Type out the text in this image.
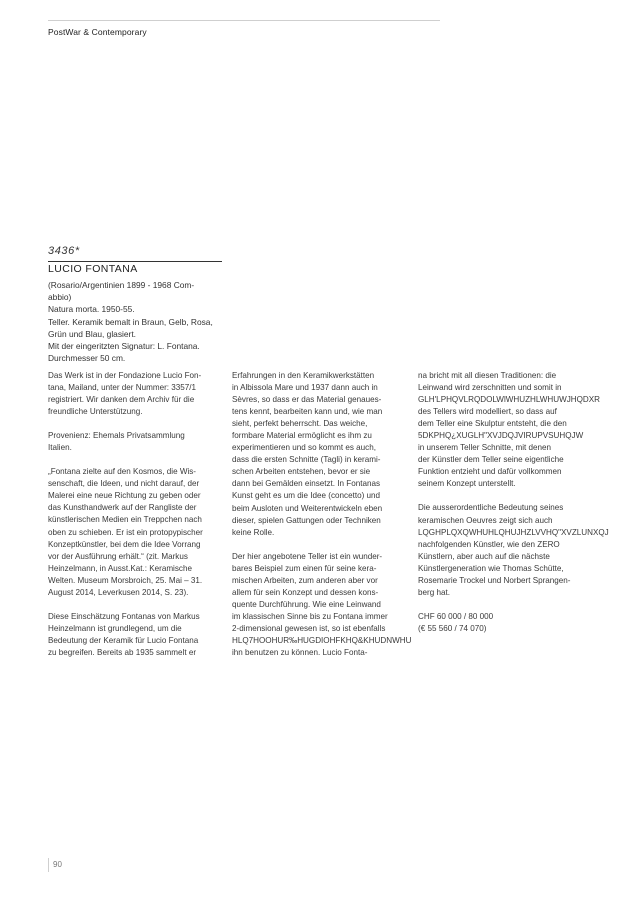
PostWar & Contemporary
3436*
LUCIO FONTANA
(Rosario/Argentinien 1899 - 1968 Com-
abbio)
Natura morta. 1950-55.
Teller. Keramik bemalt in Braun, Gelb, Rosa,
Grün und Blau, glasiert.
Mit der eingeritzten Signatur: L. Fontana.
Durchmesser 50 cm.

Das Werk ist in der Fondazione Lucio Fon-
tana, Mailand, unter der Nummer: 3357/1
registriert. Wir danken dem Archiv für die
freundliche Unterstützung.

Provenienz: Ehemals Privatsammlung
Italien.

„Fontana zielte auf den Kosmos, die Wis-
senschaft, die Ideen, und nicht darauf, der
Malerei eine neue Richtung zu geben oder
das Kunsthandwerk auf der Rangliste der
künstlerischen Medien ein Treppchen nach
oben zu schieben. Er ist ein protopypischer
Konzeptkünstler, bei dem die Idee Vorrang
vor der Ausführung erhält.“ (zit. Markus
Heinzelmann, in Ausst.Kat.: Keramische
Welten. Museum Morsbroich, 25. Mai – 31.
August 2014, Leverkusen 2014, S. 23).

Diese Einschätzung Fontanas von Markus
Heinzelmann ist grundlegend, um die
Bedeutung der Keramik für Lucio Fontana
zu begreifen. Bereits ab 1935 sammelt er

Erfahrungen in den Keramikwerkstätten
in Albissola Mare und 1937 dann auch in
Sèvres, so dass er das Material genaues-
tens kennt, bearbeiten kann und, wie man
sieht, perfekt beherrscht. Das weiche,
formbare Material ermöglicht es ihm zu
experimentieren und so kommt es auch,
dass die ersten Schnitte (Tagli) in kerami-
schen Arbeiten entstehen, bevor er sie
dann bei Gemälden einsetzt. In Fontanas
Kunst geht es um die Idee (concetto) und
beim Ausloten und Weiterentwickeln eben
dieser, spielen Gattungen oder Techniken
keine Rolle.

Der hier angebotene Teller ist ein wunder-
bares Beispiel zum einen für seine kera-
mischen Arbeiten, zum anderen aber vor
allem für sein Konzept und dessen kons-
quente Durchführung. Wie eine Leinwand
im klassischen Sinne bis zu Fontana immer
2-dimensional gewesen ist, so ist ebenfalls
HLQ7HOOHUR‰HUGDIOHFKHQ&KHUDNWHU
ihn benutzen zu können. Lucio Fonta-

na bricht mit all diesen Traditionen: die
Leinwand wird zerschnitten und somit in
GLH'LPHQVLRQDOLWlWHUZHLWHUWJHQDXR
des Tellers wird modelliert, so dass auf
dem Teller eine Skulptur entsteht, die den
5DKPHQ¿XUGLH"XVJDQJVIRUPVSUHQJW
in unserem Teller Schnitte, mit denen
der Künstler dem Teller seine eigentliche
Funktion entzieht und dafür vollkommen
seinem Konzept unterstellt.

Die ausserordentliche Bedeutung seines
keramischen Oeuvres zeigt sich auch
LQGHPLQXQWHUHLQHUJHZLVVHQ"XVZLUNXQJ
nachfolgenden Künstler, wie den ZERO
Künstlern, aber auch auf die nächste
Künstlergeneration wie Thomas Schütte,
Rosemarie Trockel und Norbert Sprangen-
berg hat.

CHF 60 000 / 80 000
(€ 55 560 / 74 070)

90
